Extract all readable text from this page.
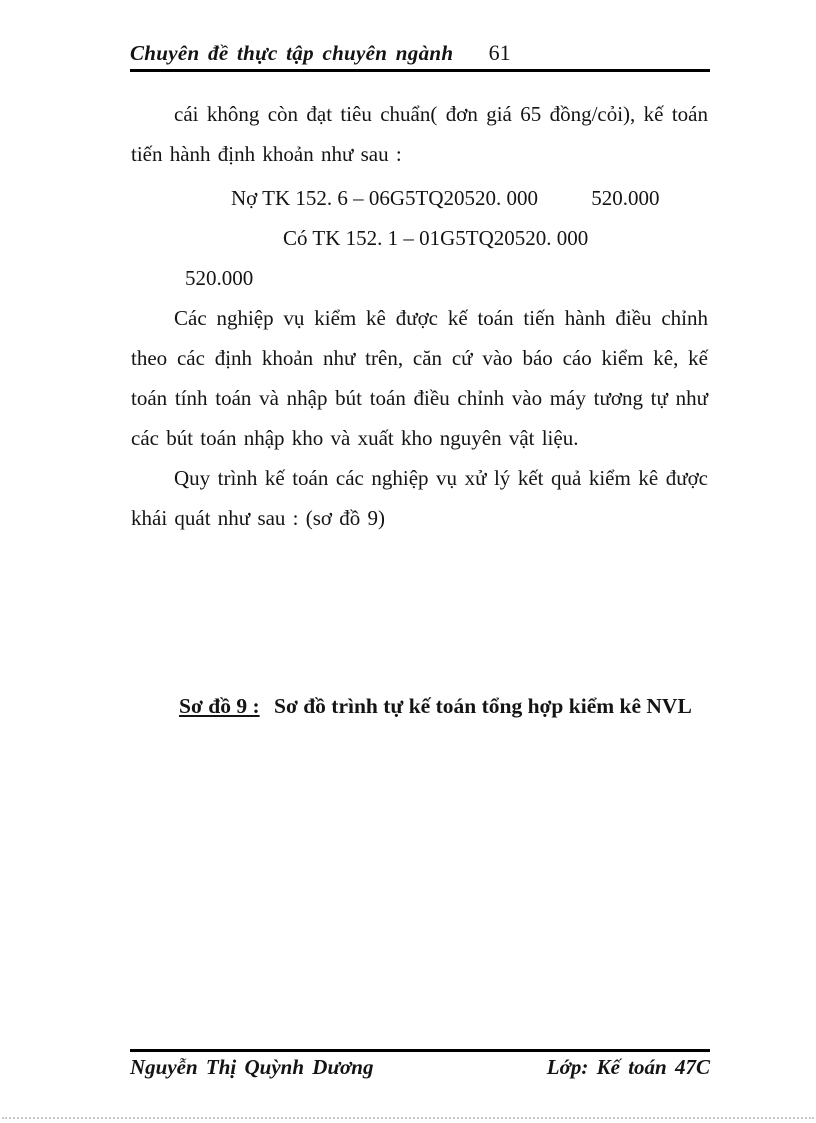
Chuyên đề thực tập chuyên ngành 61

cái không còn đạt tiêu chuẩn( đơn giá 65 đồng/cỏi), kế toán tiến hành định khoản như sau :

Nợ TK 152. 6 – 06G5TQ20520. 000	520.000
Có TK 152. 1 – 01G5TQ20520. 000
520.000

Các nghiệp vụ kiểm kê được kế toán tiến hành điều chỉnh theo các định khoản như trên, căn cứ vào báo cáo kiểm kê, kế toán tính toán và nhập bút toán điều chỉnh vào máy tương tự như các bút toán nhập kho và xuất kho nguyên vật liệu.

Quy trình kế toán các nghiệp vụ xử lý kết quả kiểm kê được khái quát như sau : (sơ đồ 9)

Sơ đồ 9 : Sơ đồ trình tự kế toán tổng hợp kiểm kê NVL

Nguyễn Thị Quỳnh Dương	Lớp: Kế toán 47C
